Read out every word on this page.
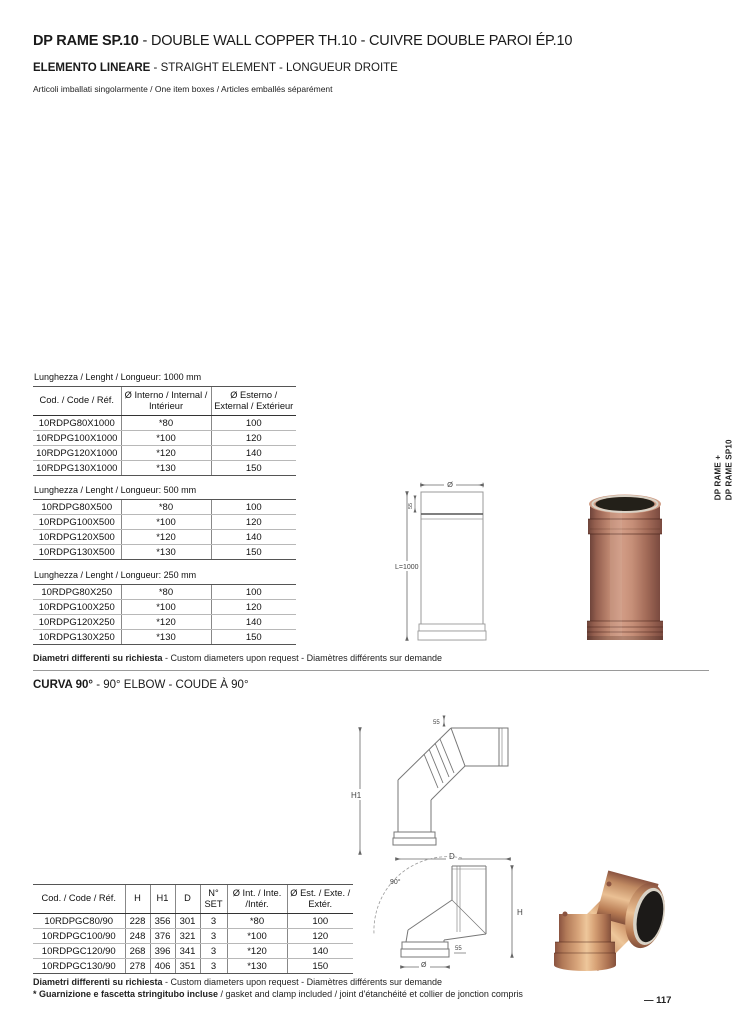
DP RAME SP.10 - DOUBLE WALL COPPER TH.10 - CUIVRE DOUBLE PAROI ÉP.10
ELEMENTO LINEARE - STRAIGHT ELEMENT - LONGUEUR DROITE
Articoli imballati singolarmente / One item boxes / Articles emballés séparément
Lunghezza / Lenght / Longueur: 1000 mm
Cod. / Code / Réf.	Ø Interno / Internal / Intérieur	Ø Esterno / External / Extérieur
10RDPG80X1000	*80	100
10RDPG100X1000	*100	120
10RDPG120X1000	*120	140
10RDPG130X1000	*130	150
Lunghezza / Lenght / Longueur: 500 mm
10RDPG80X500	*80	100
10RDPG100X500	*100	120
10RDPG120X500	*120	140
10RDPG130X500	*130	150
Lunghezza / Lenght / Longueur: 250 mm
10RDPG80X250	*80	100
10RDPG100X250	*100	120
10RDPG120X250	*120	140
10RDPG130X250	*130	150
Diametri differenti su richiesta - Custom diameters upon request - Diamètres différents sur demande
Ø
L=1000
55
CURVA 90° - 90° ELBOW - COUDE À 90°
H1
55
D
90°
H
55
Ø
Cod. / Code / Réf.	H	H1	D	N° SET	Ø Int. / Inte. /Intér.	Ø Est. / Exte. / Extér.
10RDPGC80/90	228	356	301	3	*80	100
10RDPGC100/90	248	376	321	3	*100	120
10RDPGC120/90	268	396	341	3	*120	140
10RDPGC130/90	278	406	351	3	*130	150
Diametri differenti su richiesta - Custom diameters upon request - Diamètres différents sur demande
* Guarnizione e fascetta stringitubo incluse / gasket and clamp included / joint d'étanchéité et collier de jonction compris
DP RAME + DP RAME SP10
— 117
